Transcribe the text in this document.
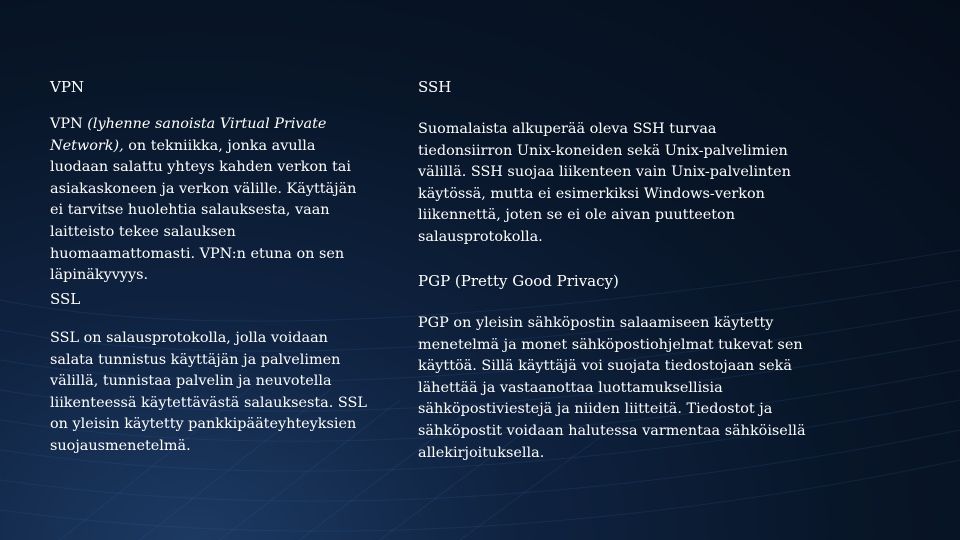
VPN

VPN (lyhenne sanoista Virtual Private Network), on tekniikka, jonka avulla luodaan salattu yhteys kahden verkon tai asiakaskoneen ja verkon välille. Käyttäjän ei tarvitse huolehtia salauksesta, vaan laitteisto tekee salauksen huomaamattomasti. VPN:n etuna on sen läpinäkyvyys.

SSL

SSL on salausprotokolla, jolla voidaan salata tunnistus käyttäjän ja palvelimen välillä, tunnistaa palvelin ja neuvotella liikenteessä käytettävästä salauksesta. SSL on yleisin käytetty pankkipääteyhteyksien suojausmenetelmä.

SSH

Suomalaista alkuperää oleva SSH turvaa tiedonsiirron Unix-koneiden sekä Unix-palvelimien välillä. SSH suojaa liikenteen vain Unix-palvelinten käytössä, mutta ei esimerkiksi Windows-verkon liikennettä, joten se ei ole aivan puutteeton salausprotokolla.

PGP (Pretty Good Privacy)

PGP on yleisin sähköpostin salaamiseen käytetty menetelmä ja monet sähköpostiohjelmat tukevat sen käyttöä. Sillä käyttäjä voi suojata tiedostojaan sekä lähettää ja vastaanottaa luottamuksellisia sähköpostiviestejä ja niiden liitteitä. Tiedostot ja sähköpostit voidaan halutessa varmentaa sähköisellä allekirjoituksella.
